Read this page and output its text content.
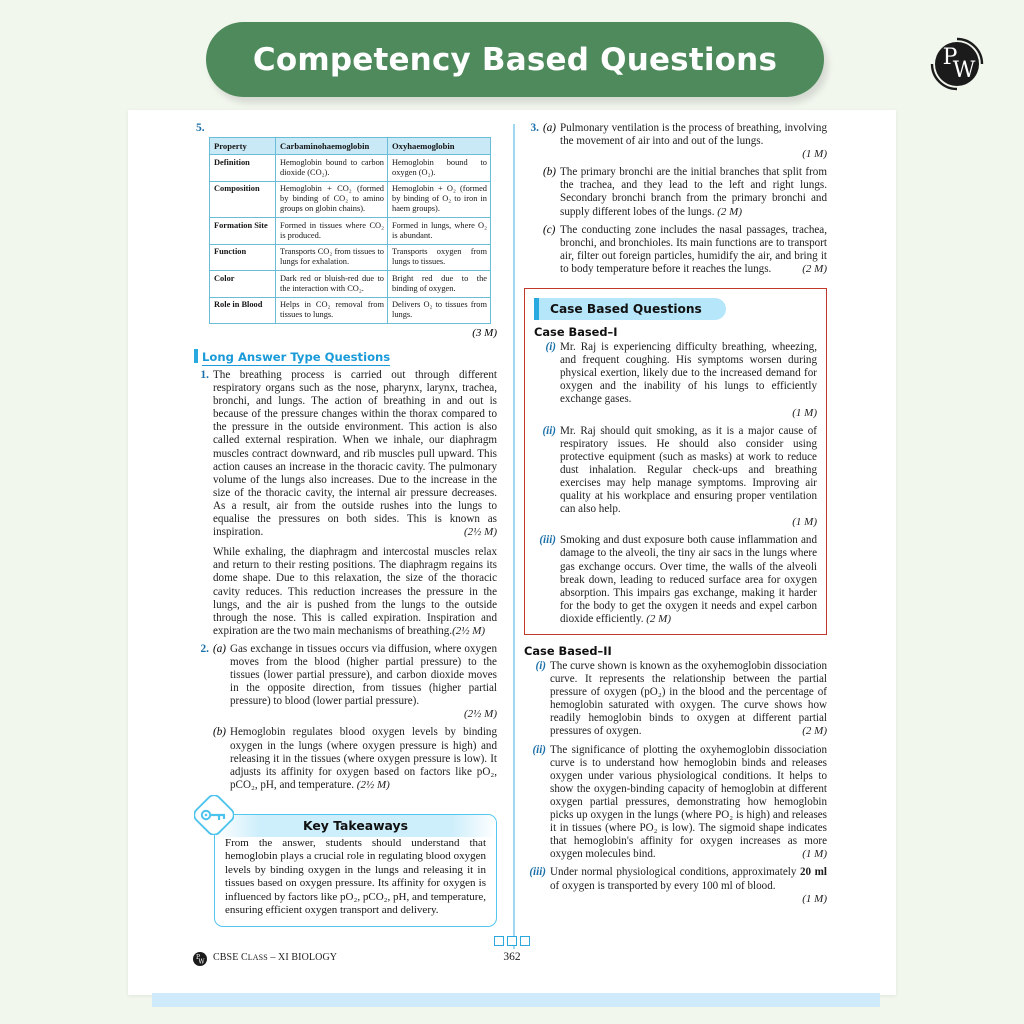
Competency Based Questions	P
W
5.
Property	Carbaminohaemoglobin	Oxyhaemoglobin
Definition	Hemoglobin bound to carbon dioxide (CO₂).	Hemoglobin bound to oxygen (O₂).
Composition	Hemoglobin + CO₂ (formed by binding of CO₂ to amino groups on globin chains).	Hemoglobin + O₂ (formed by binding of O₂ to iron in haem groups).
Formation Site	Formed in tissues where CO₂ is produced.	Formed in lungs, where O₂ is abundant.
Function	Transports CO₂ from tissues to lungs for exhalation.	Transports oxygen from lungs to tissues.
Color	Dark red or bluish-red due to the interaction with CO₂.	Bright red due to the binding of oxygen.
Role in Blood	Helps in CO₂ removal from tissues to lungs.	Delivers O₂ to tissues from lungs.
(3 M)
Long Answer Type Questions
1. The breathing process is carried out through different respiratory organs such as the nose, pharynx, larynx, trachea, bronchi, and lungs. The action of breathing in and out is because of the pressure changes within the thorax compared to the pressure in the outside environment. This action is also called external respiration. When we inhale, our diaphragm muscles contract downward, and rib muscles pull upward. This action causes an increase in the thoracic cavity. The pulmonary volume of the lungs also increases. Due to the increase in the size of the thoracic cavity, the internal air pressure decreases. As a result, air from the outside rushes into the lungs to equalise the pressures on both sides. This is known as inspiration.	(2½ M)

While exhaling, the diaphragm and intercostal muscles relax and return to their resting positions. The diaphragm regains its dome shape. Due to this relaxation, the size of the thoracic cavity reduces. This reduction increases the pressure in the lungs, and the air is pushed from the lungs to the outside through the nose. This is called expiration. Inspiration and expiration are the two main mechanisms of breathing.(2½ M)

2. (a) Gas exchange in tissues occurs via diffusion, where oxygen moves from the blood (higher partial pressure) to the tissues (lower partial pressure), and carbon dioxide moves in the opposite direction, from tissues (higher partial pressure) to blood (lower partial pressure).
(2½ M)
(b) Hemoglobin regulates blood oxygen levels by binding oxygen in the lungs (where oxygen pressure is high) and releasing it in the tissues (where oxygen pressure is low). It adjusts its affinity for oxygen based on factors like pO₂, pCO₂, pH, and temperature. (2½ M)
Key Takeaways
From the answer, students should understand that hemoglobin plays a crucial role in regulating blood oxygen levels by binding oxygen in the lungs and releasing it in tissues based on oxygen pressure. Its affinity for oxygen is influenced by factors like pO₂, pCO₂, pH, and temperature, ensuring efficient oxygen transport and delivery.
3. (a) Pulmonary ventilation is the process of breathing, involving the movement of air into and out of the lungs.
(1 M)
(b) The primary bronchi are the initial branches that split from the trachea, and they lead to the left and right lungs. Secondary bronchi branch from the primary bronchi and supply different lobes of the lungs. (2 M)
(c) The conducting zone includes the nasal passages, trachea, bronchi, and bronchioles. Its main functions are to transport air, filter out foreign particles, humidify the air, and bring it to body temperature before it reaches the lungs.	(2 M)
Case Based Questions
Case Based–I
(i) Mr. Raj is experiencing difficulty breathing, wheezing, and frequent coughing. His symptoms worsen during physical exertion, likely due to the increased demand for oxygen and the inability of his lungs to efficiently exchange gases.
(1 M)
(ii) Mr. Raj should quit smoking, as it is a major cause of respiratory issues. He should also consider using protective equipment (such as masks) at work to reduce dust inhalation. Regular check-ups and breathing exercises may help manage symptoms. Improving air quality at his workplace and ensuring proper ventilation can also help.
(1 M)
(iii) Smoking and dust exposure both cause inflammation and damage to the alveoli, the tiny air sacs in the lungs where gas exchange occurs. Over time, the walls of the alveoli break down, leading to reduced surface area for oxygen absorption. This impairs gas exchange, making it harder for the body to get the oxygen it needs and expel carbon dioxide efficiently. (2 M)
Case Based–II
(i) The curve shown is known as the oxyhemoglobin dissociation curve. It represents the relationship between the partial pressure of oxygen (pO₂) in the blood and the percentage of hemoglobin saturated with oxygen. The curve shows how readily hemoglobin binds to oxygen at different partial pressures of oxygen.	(2 M)
(ii) The significance of plotting the oxyhemoglobin dissociation curve is to understand how hemoglobin binds and releases oxygen under various physiological conditions. It helps to show the oxygen-binding capacity of hemoglobin at different oxygen partial pressures, demonstrating how hemoglobin picks up oxygen in the lungs (where PO₂ is high) and releases it in tissues (where PO₂ is low). The sigmoid shape indicates that hemoglobin's affinity for oxygen increases as more oxygen molecules bind.	(1 M)
(iii) Under normal physiological conditions, approximately 20 ml of oxygen is transported by every 100 ml of blood.
(1 M)
P
W CBSE CLASS – XI BIOLOGY	362
